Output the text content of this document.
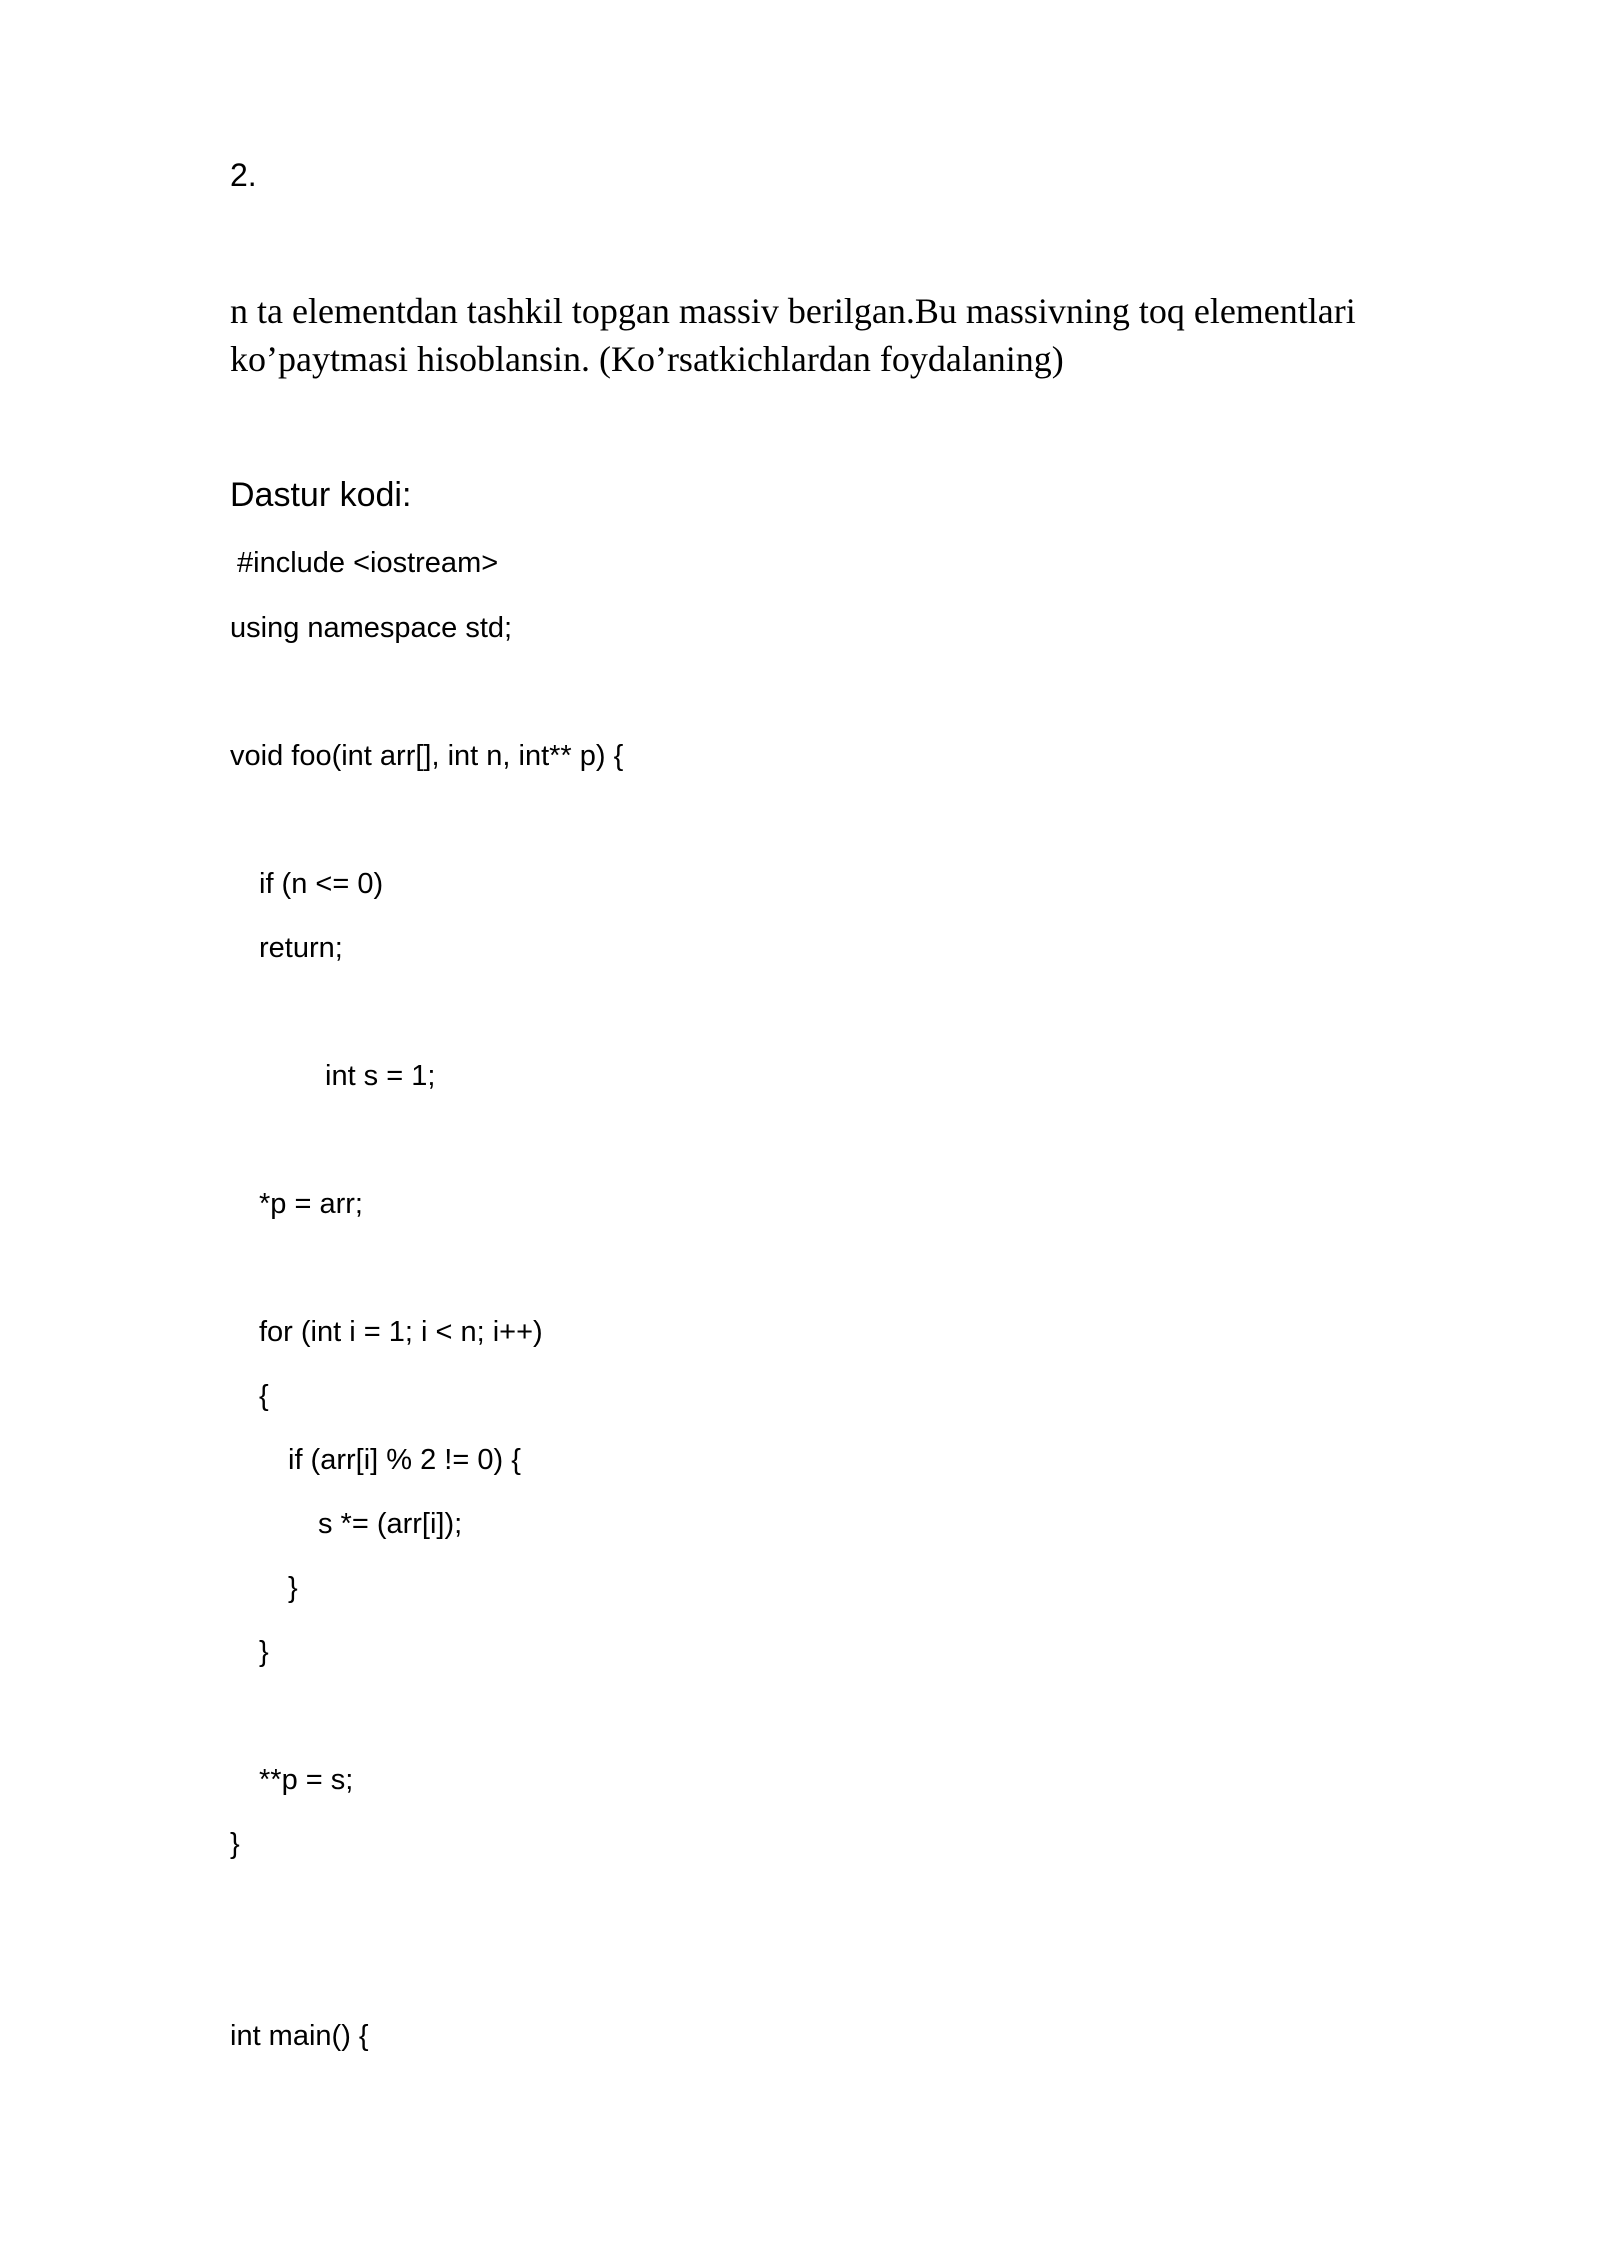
2.
n ta elementdan tashkil topgan massiv berilgan.Bu massivning toq elementlari
ko’paytmasi hisoblansin. (Ko’rsatkichlardan foydalaning)
Dastur kodi:
#include <iostream>
using namespace std;
void foo(int arr[], int n, int** p) {
if (n <= 0)
return;
int s = 1;
*p = arr;
for (int i = 1; i < n; i++)
{
if (arr[i] % 2 != 0) {
s *= (arr[i]);
}
}
**p = s;
}
int main() {
